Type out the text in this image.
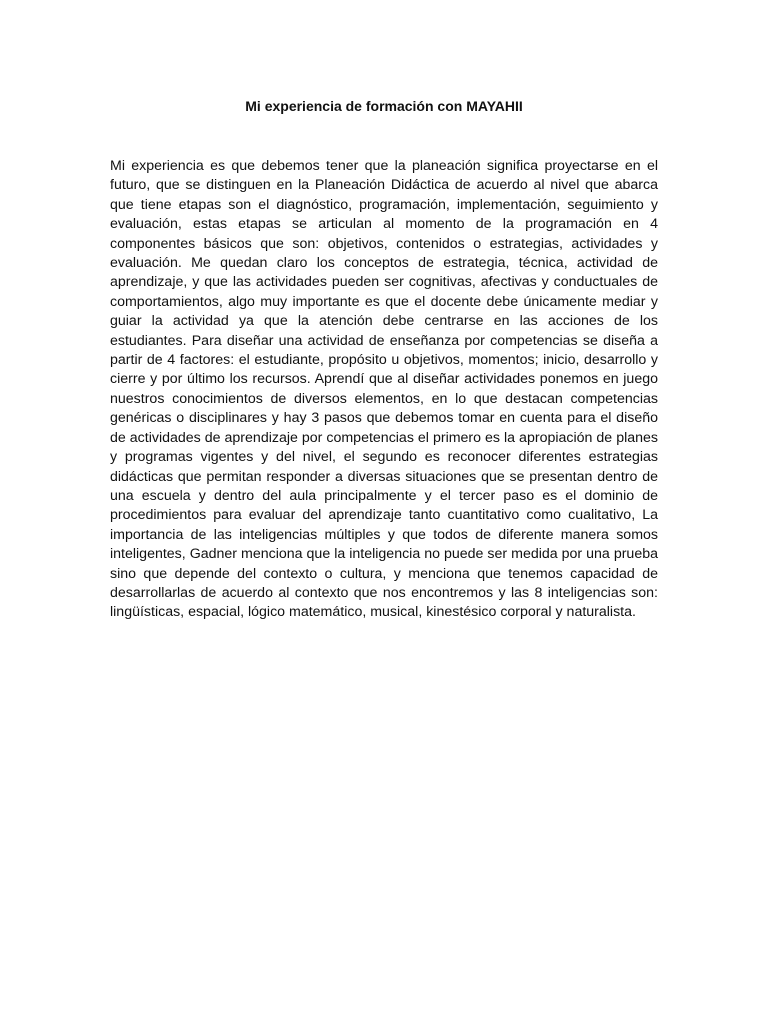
Mi experiencia de formación con MAYAHII

Mi experiencia es que debemos tener que la planeación significa proyectarse en el futuro, que se distinguen en la Planeación Didáctica de acuerdo al nivel que abarca que tiene etapas son el diagnóstico, programación, implementación, seguimiento y evaluación, estas etapas se articulan al momento de la programación en 4 componentes básicos que son: objetivos, contenidos o estrategias, actividades y evaluación. Me quedan claro los conceptos de estrategia, técnica, actividad de aprendizaje, y que las actividades pueden ser cognitivas, afectivas y conductuales de comportamientos, algo muy importante es que el docente debe únicamente mediar y guiar la actividad ya que la atención debe centrarse en las acciones de los estudiantes. Para diseñar una actividad de enseñanza por competencias se diseña a partir de 4 factores: el estudiante, propósito u objetivos, momentos; inicio, desarrollo y cierre y por último los recursos. Aprendí que al diseñar actividades ponemos en juego nuestros conocimientos de diversos elementos, en lo que destacan competencias genéricas o disciplinares y hay 3 pasos que debemos tomar en cuenta para el diseño de actividades de aprendizaje por competencias el primero es la apropiación de planes y programas vigentes y del nivel, el segundo es reconocer diferentes estrategias didácticas que permitan responder a diversas situaciones que se presentan dentro de una escuela y dentro del aula principalmente y el tercer paso es el dominio de procedimientos para evaluar del aprendizaje tanto cuantitativo como cualitativo, La importancia de las inteligencias múltiples y que todos de diferente manera somos inteligentes, Gadner menciona que la inteligencia no puede ser medida por una prueba sino que depende del contexto o cultura, y menciona que tenemos capacidad de desarrollarlas de acuerdo al contexto que nos encontremos y las 8 inteligencias son: lingüísticas, espacial, lógico matemático, musical, kinestésico corporal y naturalista.
